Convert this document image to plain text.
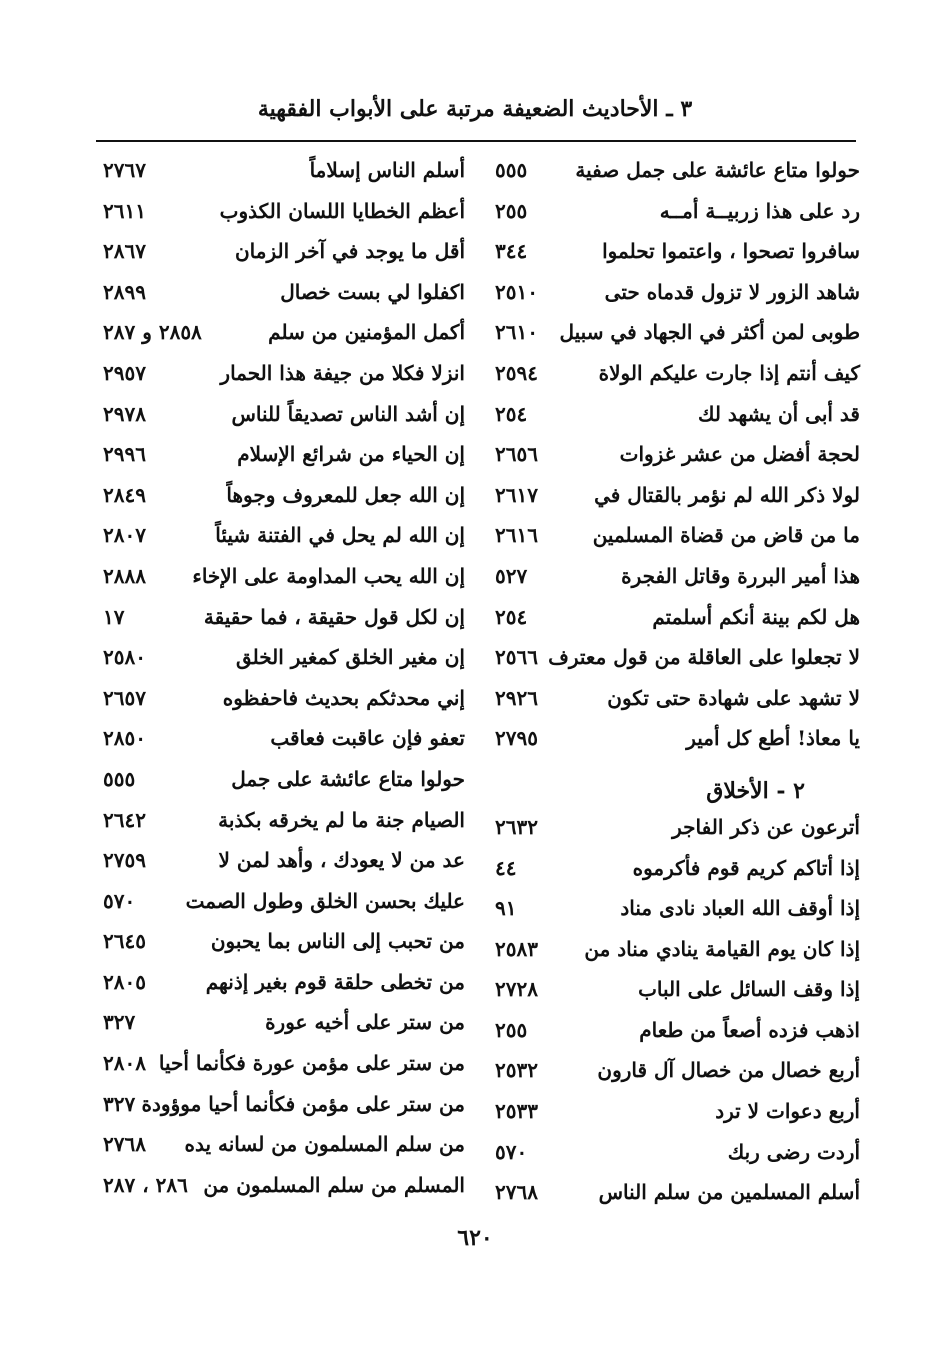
٣ ـ الأحاديث الضعيفة مرتبة على الأبواب الفقهية
حولوا متاع عائشة على جمل صفية
٥٥٥
رد على هذا زربيــة أمــه
٢٥٥
سافروا تصحوا ، واعتموا تحلموا
٣٤٤
شاهد الزور لا تزول قدماه حتى
٢٥١٠
طوبى لمن أكثر في الجهاد في سبيل
٢٦١٠
كيف أنتم إذا جارت عليكم الولاة
٢٥٩٤
قد أبى أن يشهد لك
٢٥٤
لحجة أفضل من عشر غزوات
٢٦٥٦
لولا ذكر الله لم نؤمر بالقتال في
٢٦١٧
ما من قاض من قضاة المسلمين
٢٦١٦
هذا أمير البررة وقاتل الفجرة
٥٢٧
هل لكم بينة أنكم أسلمتم
٢٥٤
لا تجعلوا على العاقلة من قول معترف
٢٥٦٦
لا تشهد على شهادة حتى تكون
٢٩٢٦
يا معاذ! أطع كل أمير
٢٧٩٥
٢ - الأخلاق
أترعون عن ذكر الفاجر
٢٦٣٢
إذا أتاكم كريم قوم فأكرموه
٤٤
إذا أوقف الله العباد نادى مناد
٩١
إذا كان يوم القيامة ينادي مناد من
٢٥٨٣
إذا وقف السائل على الباب
٢٧٢٨
اذهب فزده أصعاً من طعام
٢٥٥
أربع خصال من خصال آل قارون
٢٥٣٢
أربع دعوات لا ترد
٢٥٣٣
أردت رضى ربك
٥٧٠
أسلم المسلمين من سلم الناس
٢٧٦٨
أسلم الناس إسلاماً
٢٧٦٧
أعظم الخطايا اللسان الكذوب
٢٦١١
أقل ما يوجد في آخر الزمان
٢٨٦٧
اكفلوا لي بست خصال
٢٨٩٩
أكمل المؤمنين من سلم
٢٨٥٨ و ٢٨٧
انزلا فكلا من جيفة هذا الحمار
٢٩٥٧
إن أشد الناس تصديقاً للناس
٢٩٧٨
إن الحياء من شرائع الإسلام
٢٩٩٦
إن الله جعل للمعروف وجوهاً
٢٨٤٩
إن الله لم يحل في الفتنة شيئاً
٢٨٠٧
إن الله يحب المداومة على الإخاء
٢٨٨٨
إن لكل قول حقيقة ، فما حقيقة
١٧
إن مغير الخلق كمغير الخلق
٢٥٨٠
إني محدثكم بحديث فاحفظوه
٢٦٥٧
تعفو فإن عاقبت فعاقب
٢٨٥٠
حولوا متاع عائشة على جمل
٥٥٥
الصيام جنة ما لم يخرقه بكذبة
٢٦٤٢
عد من لا يعودك ، وأهد لمن لا
٢٧٥٩
عليك بحسن الخلق وطول الصمت
٥٧٠
من تحبب إلى الناس بما يحبون
٢٦٤٥
من تخطى حلقة قوم بغير إذنهم
٢٨٠٥
من ستر على أخيه عورة
٣٢٧
من ستر على مؤمن عورة فكأنما أحيا
٢٨٠٨
من ستر على مؤمن فكأنما أحيا موؤودة
٣٢٧
من سلم المسلمون من لسانه يده
٢٧٦٨
المسلم من سلم المسلمون من
٢٨٦ ، ٢٨٧
٦٢٠
